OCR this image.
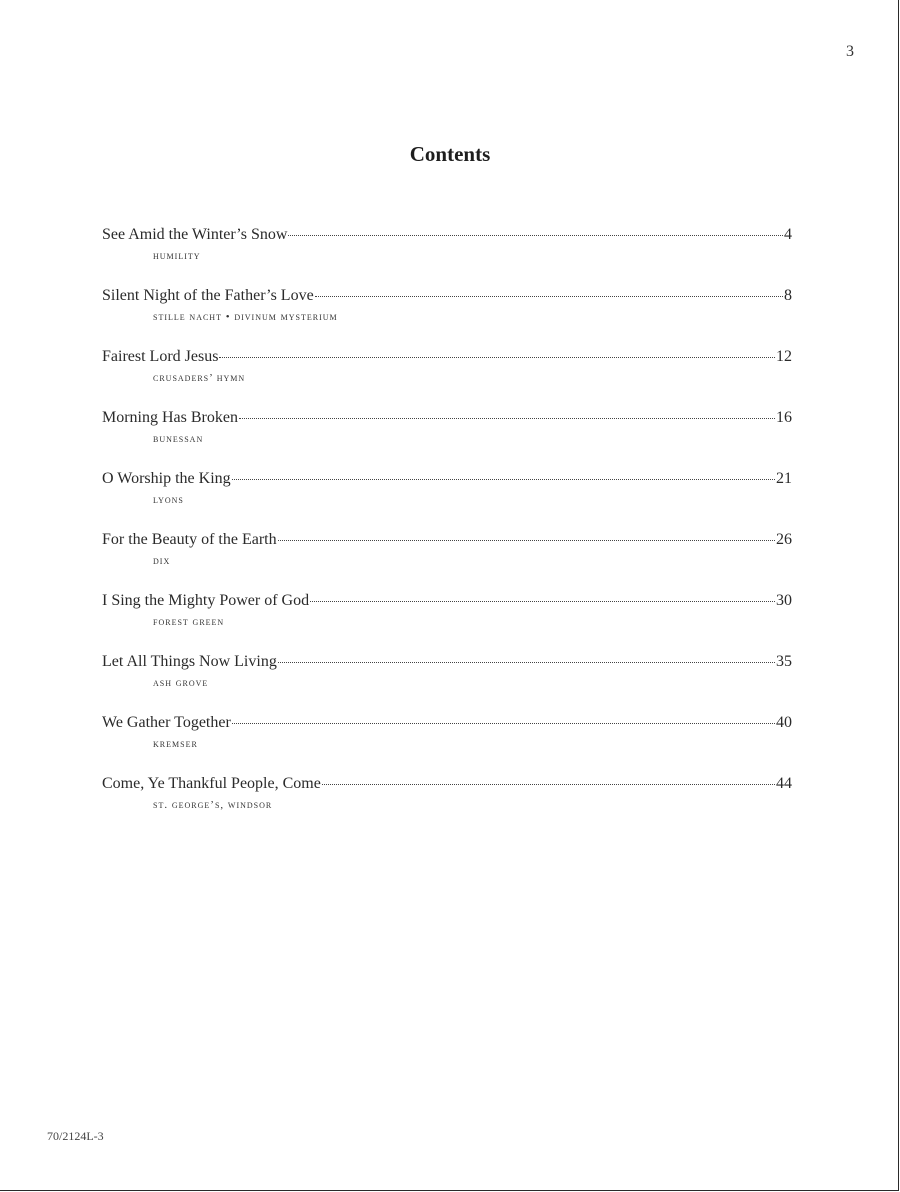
3
Contents
See Amid the Winter’s Snow	4
humility
Silent Night of the Father’s Love	8
stille nacht • divinum mysterium
Fairest Lord Jesus	12
crusaders’ hymn
Morning Has Broken	16
bunessan
O Worship the King	21
lyons
For the Beauty of the Earth	26
dix
I Sing the Mighty Power of God	30
forest green
Let All Things Now Living	35
ash grove
We Gather Together	40
kremser
Come, Ye Thankful People, Come	44
st. george’s, windsor
70/2124L-3
